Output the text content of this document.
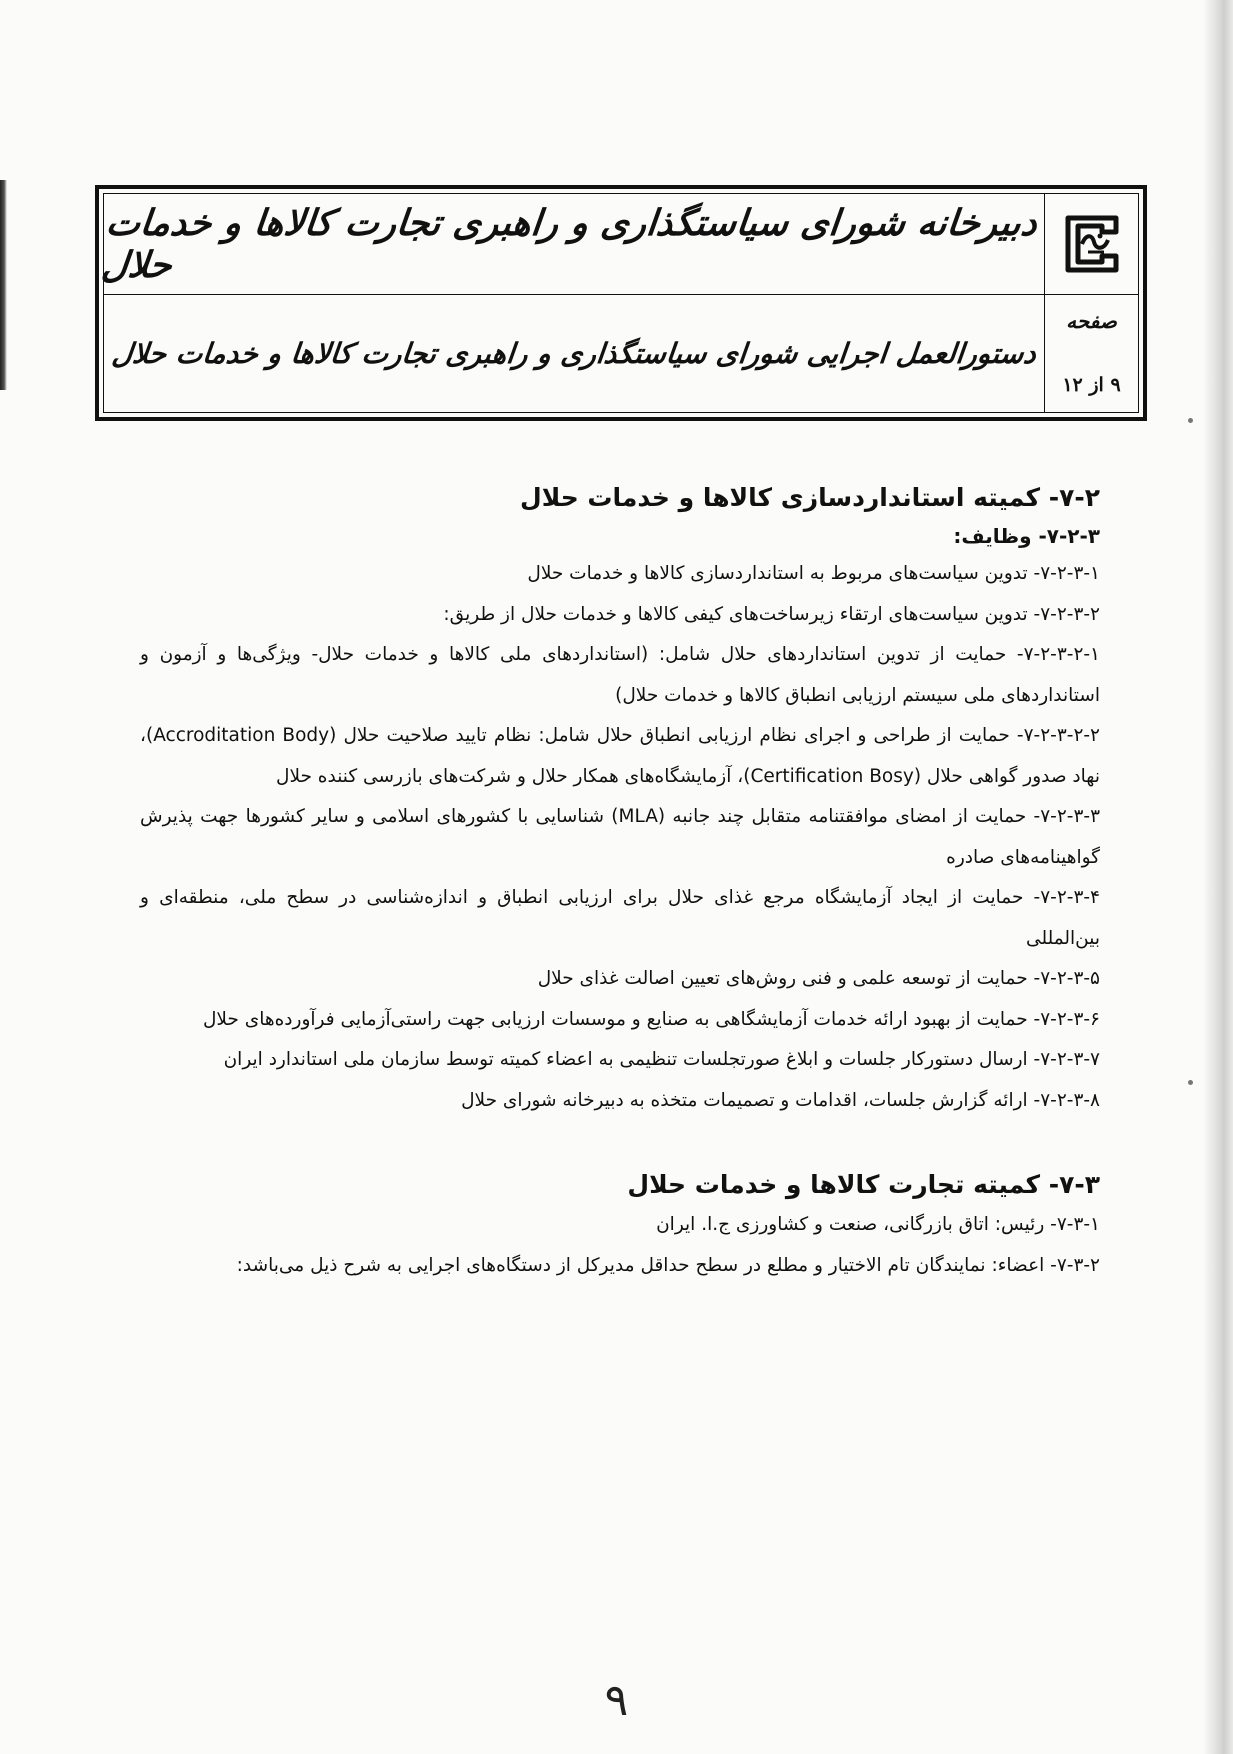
دبیرخانه شورای سیاستگذاری و راهبری تجارت کالاها و خدمات حلال
دستورالعمل اجرایی شورای سیاستگذاری و راهبری تجارت کالاها و خدمات حلال
صفحه
۹ از ۱۲
۷-۲- کمیته استانداردسازی کالاها و خدمات حلال
۷-۲-۳- وظایف:

۷-۲-۳-۱- تدوین سیاست‌های مربوط به استانداردسازی کالاها و خدمات حلال

۷-۲-۳-۲- تدوین سیاست‌های ارتقاء زیرساخت‌های کیفی کالاها و خدمات حلال از طریق:

۷-۲-۳-۲-۱- حمایت از تدوین استانداردهای حلال شامل: (استانداردهای ملی کالاها و خدمات حلال- ویژگی‌ها و آزمون و استانداردهای ملی سیستم ارزیابی انطباق کالاها و خدمات حلال)

۷-۲-۳-۲-۲- حمایت از طراحی و اجرای نظام ارزیابی انطباق حلال شامل: نظام تایید صلاحیت حلال (Accroditation Body)، نهاد صدور گواهی حلال (Certification Bosy)، آزمایشگاه‌های همکار حلال و شرکت‌های بازرسی کننده حلال

۷-۲-۳-۳- حمایت از امضای موافقتنامه متقابل چند جانبه (MLA) شناسایی با کشورهای اسلامی و سایر کشورها جهت پذیرش گواهینامه‌های صادره

۷-۲-۳-۴- حمایت از ایجاد آزمایشگاه مرجع غذای حلال برای ارزیابی انطباق و اندازه‌شناسی در سطح ملی، منطقه‌ای و بین‌المللی

۷-۲-۳-۵- حمایت از توسعه علمی و فنی روش‌های تعیین اصالت غذای حلال

۷-۲-۳-۶- حمایت از بهبود ارائه خدمات آزمایشگاهی به صنایع و موسسات ارزیابی جهت راستی‌آزمایی فرآورده‌های حلال

۷-۲-۳-۷- ارسال دستورکار جلسات و ابلاغ صورتجلسات تنظیمی به اعضاء کمیته توسط سازمان ملی استاندارد ایران

۷-۲-۳-۸- ارائه گزارش جلسات، اقدامات و تصمیمات متخذه به دبیرخانه شورای حلال

۷-۳- کمیته تجارت کالاها و خدمات حلال

۷-۳-۱- رئیس: اتاق بازرگانی، صنعت و کشاورزی ج.ا. ایران

۷-۳-۲- اعضاء: نمایندگان تام الاختیار و مطلع در سطح حداقل مدیرکل از دستگاه‌های اجرایی به شرح ذیل می‌باشد:

۹
